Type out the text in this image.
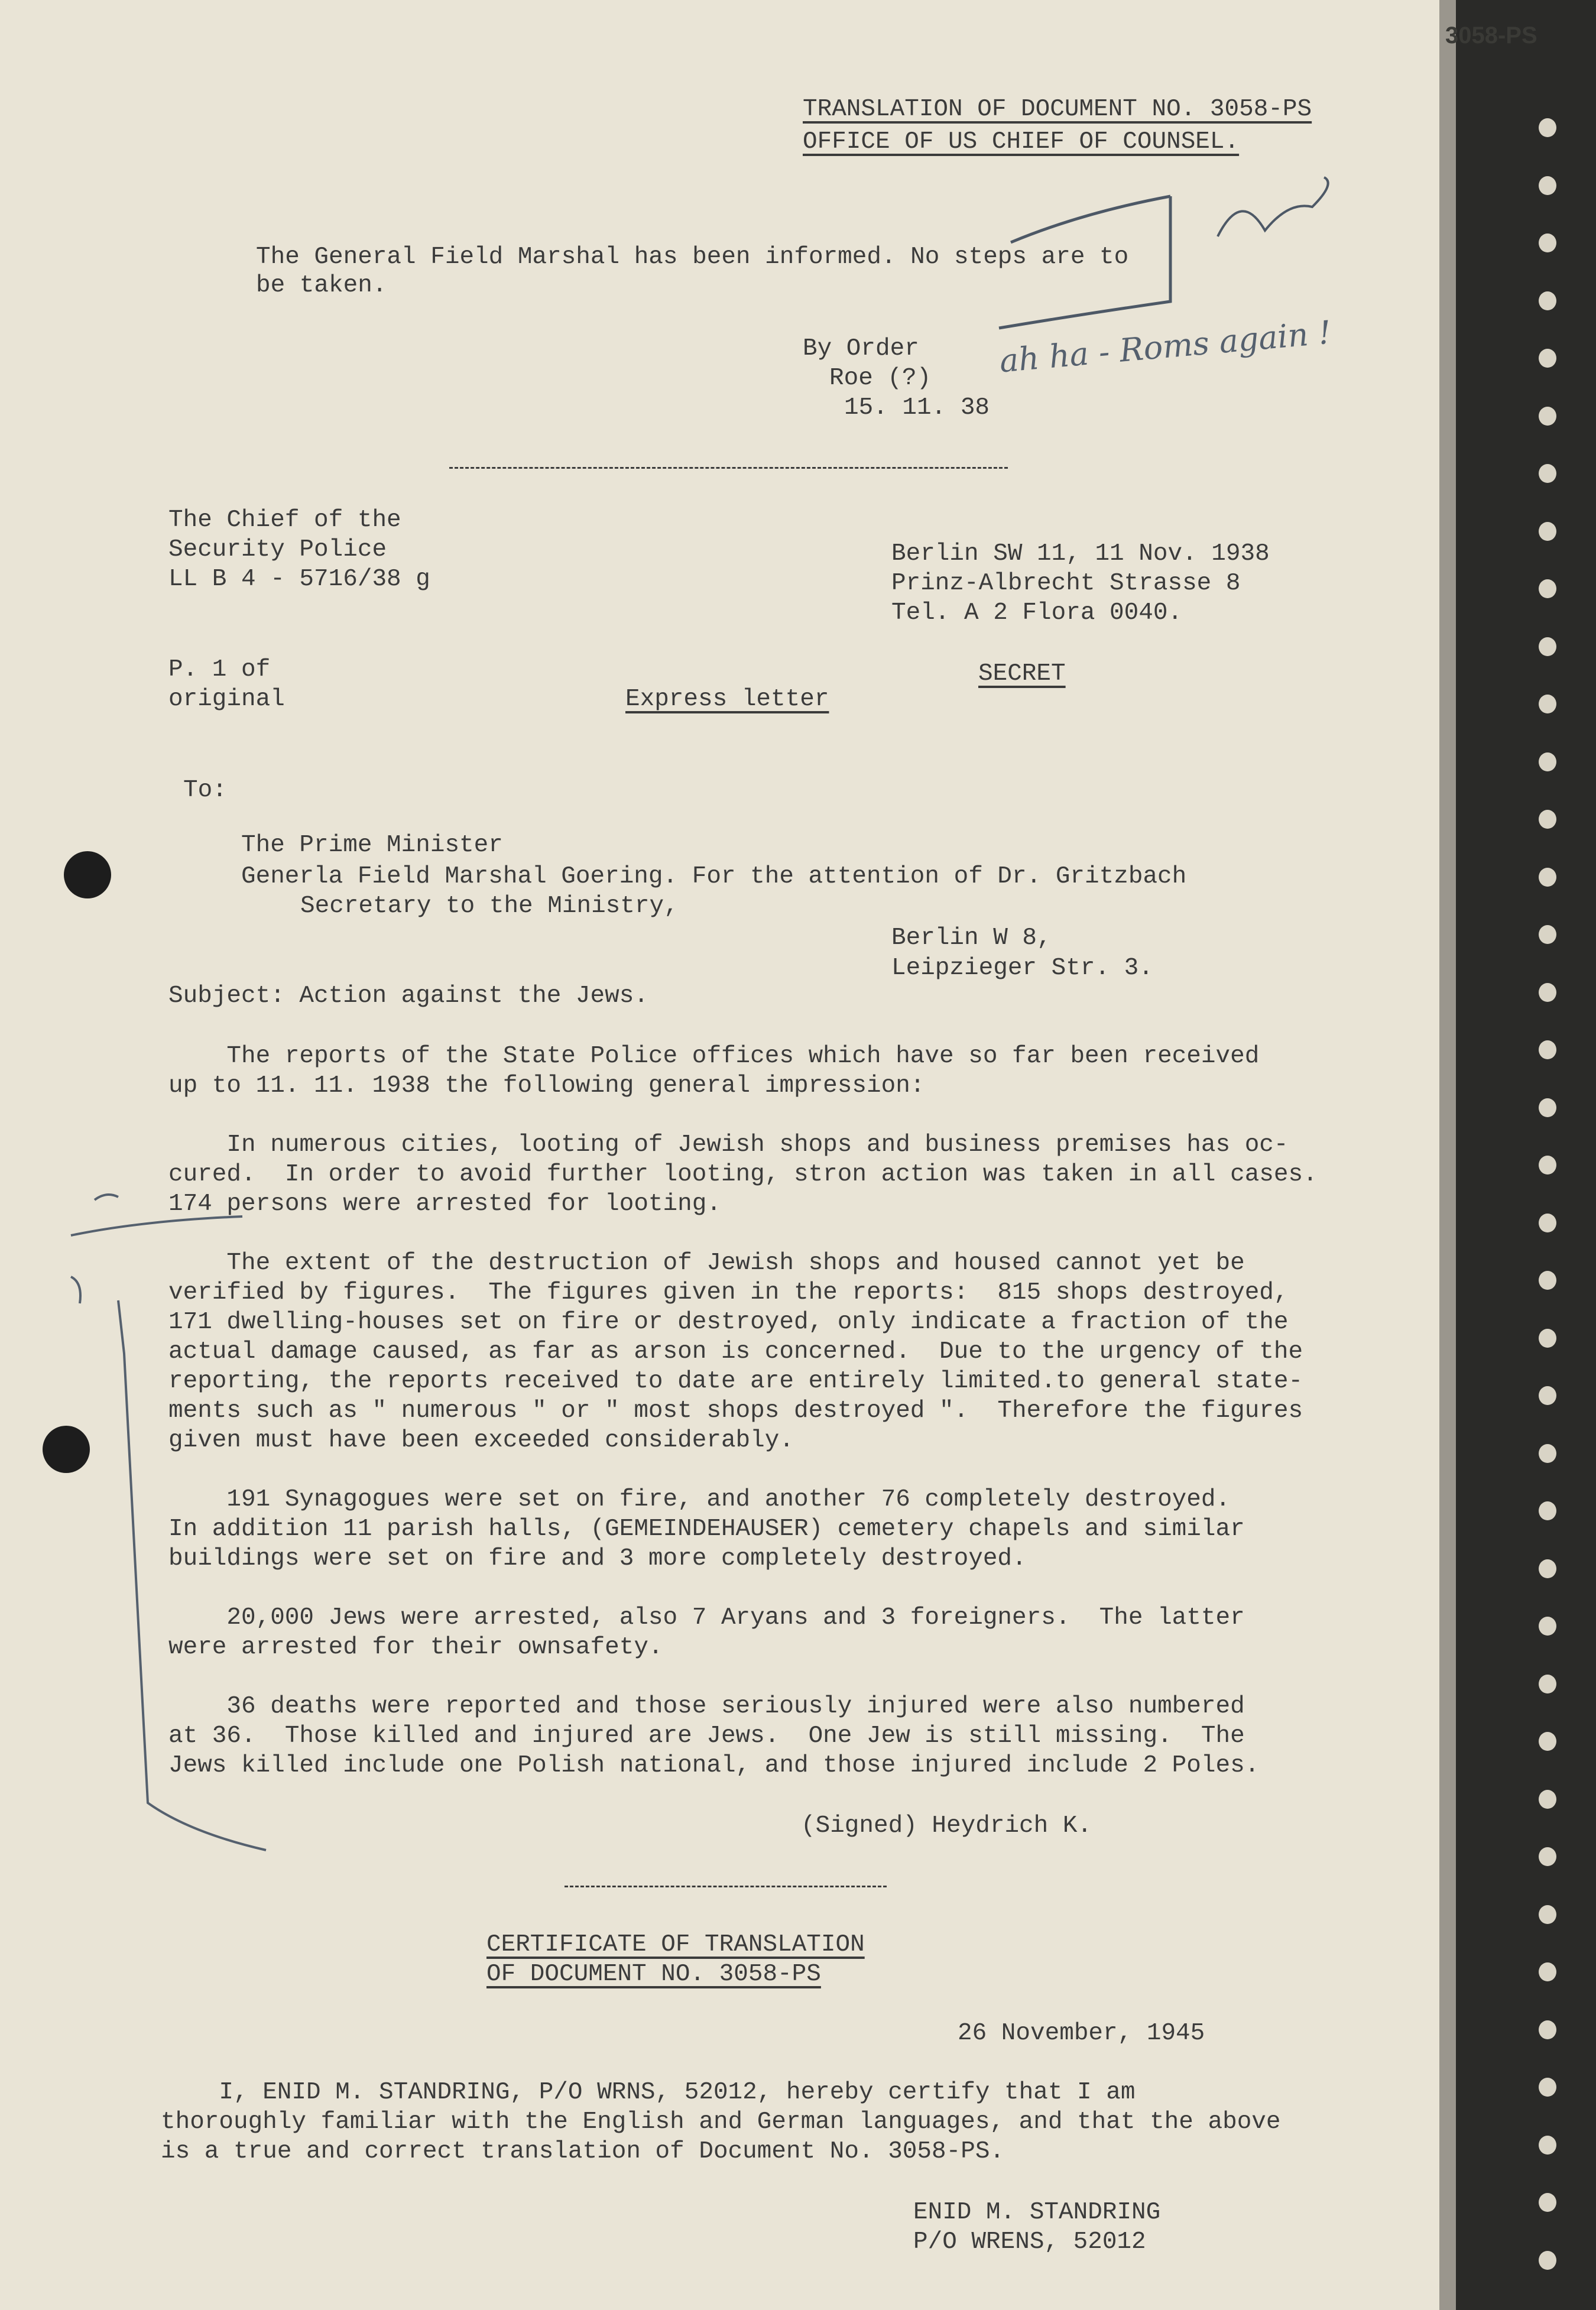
TRANSLATION OF DOCUMENT NO. 3058-PS
OFFICE OF US CHIEF OF COUNSEL.
The General Field Marshal has been informed. No steps are to
be taken.
By Order
Roe (?)
15. 11. 38
ah ha - Roms again !
The Chief of the
Security Police
LL B 4 - 5716/38 g
Berlin SW 11, 11 Nov. 1938
Prinz-Albrecht Strasse 8
Tel. A 2 Flora 0040.
P. 1 of
original	Express letter
SECRET
To:
The Prime Minister
Generla Field Marshal Goering. For the attention of Dr. Gritzbach
Secretary to the Ministry,
Berlin W 8,
Leipzieger Str. 3.
Subject: Action against the Jews.
The reports of the State Police offices which have so far been received
up to 11. 11. 1938 the following general impression:
In numerous cities, looting of Jewish shops and business premises has oc-
cured.  In order to avoid further looting, stron action was taken in all cases.
174 persons were arrested for looting.
The extent of the destruction of Jewish shops and housed cannot yet be
verified by figures.  The figures given in the reports:  815 shops destroyed,
171 dwelling-houses set on fire or destroyed, only indicate a fraction of the
actual damage caused, as far as arson is concerned.  Due to the urgency of the
reporting, the reports received to date are entirely limited.to general state-
ments such as " numerous " or " most shops destroyed ".  Therefore the figures
given must have been exceeded considerably.
191 Synagogues were set on fire, and another 76 completely destroyed.
In addition 11 parish halls, (GEMEINDEHAUSER) cemetery chapels and similar
buildings were set on fire and 3 more completely destroyed.
20,000 Jews were arrested, also 7 Aryans and 3 foreigners.  The latter
were arrested for their ownsafety.
36 deaths were reported and those seriously injured were also numbered
at 36.  Those killed and injured are Jews.  One Jew is still missing.  The
Jews killed include one Polish national, and those injured include 2 Poles.
(Signed) Heydrich K.
CERTIFICATE OF TRANSLATION
OF DOCUMENT NO. 3058-PS
26 November, 1945
I, ENID M. STANDRING, P/O WRNS, 52012, hereby certify that I am
thoroughly familiar with the English and German languages, and that the above
is a true and correct translation of Document No. 3058-PS.
ENID M. STANDRING
P/O WRENS, 52012
3058-PS
